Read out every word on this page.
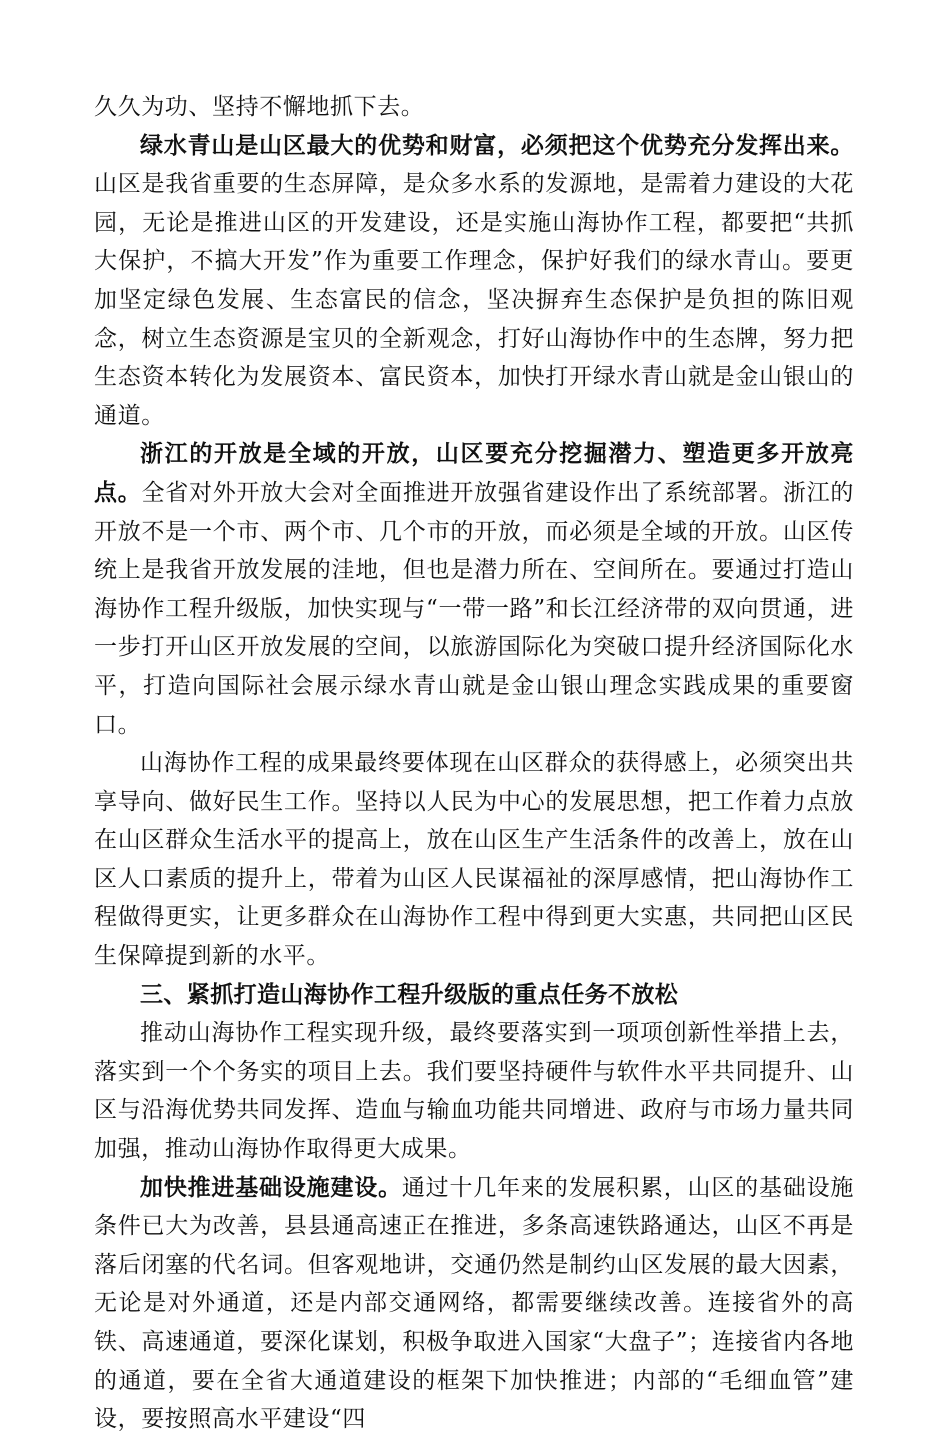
久久为功、坚持不懈地抓下去。

绿水青山是山区最大的优势和财富，必须把这个优势充分发挥出来。山区是我省重要的生态屏障，是众多水系的发源地，是需着力建设的大花园，无论是推进山区的开发建设，还是实施山海协作工程，都要把“共抓大保护，不搞大开发”作为重要工作理念，保护好我们的绿水青山。要更加坚定绿色发展、生态富民的信念，坚决摒弃生态保护是负担的陈旧观念，树立生态资源是宝贝的全新观念，打好山海协作中的生态牌，努力把生态资本转化为发展资本、富民资本，加快打开绿水青山就是金山银山的通道。

浙江的开放是全域的开放，山区要充分挖掘潜力、塑造更多开放亮点。全省对外开放大会对全面推进开放强省建设作出了系统部署。浙江的开放不是一个市、两个市、几个市的开放，而必须是全域的开放。山区传统上是我省开放发展的洼地，但也是潜力所在、空间所在。要通过打造山海协作工程升级版，加快实现与“一带一路”和长江经济带的双向贯通，进一步打开山区开放发展的空间，以旅游国际化为突破口提升经济国际化水平，打造向国际社会展示绿水青山就是金山银山理念实践成果的重要窗口。

山海协作工程的成果最终要体现在山区群众的获得感上，必须突出共享导向、做好民生工作。坚持以人民为中心的发展思想，把工作着力点放在山区群众生活水平的提高上，放在山区生产生活条件的改善上，放在山区人口素质的提升上，带着为山区人民谋福祉的深厚感情，把山海协作工程做得更实，让更多群众在山海协作工程中得到更大实惠，共同把山区民生保障提到新的水平。

三、紧抓打造山海协作工程升级版的重点任务不放松

推动山海协作工程实现升级，最终要落实到一项项创新性举措上去，落实到一个个务实的项目上去。我们要坚持硬件与软件水平共同提升、山区与沿海优势共同发挥、造血与输血功能共同增进、政府与市场力量共同加强，推动山海协作取得更大成果。

加快推进基础设施建设。通过十几年来的发展积累，山区的基础设施条件已大为改善，县县通高速正在推进，多条高速铁路通达，山区不再是落后闭塞的代名词。但客观地讲，交通仍然是制约山区发展的最大因素，无论是对外通道，还是内部交通网络，都需要继续改善。连接省外的高铁、高速通道，要深化谋划，积极争取进入国家“大盘子”；连接省内各地的通道，要在全省大通道建设的框架下加快推进；内部的“毛细血管”建设，要按照高水平建设“四
